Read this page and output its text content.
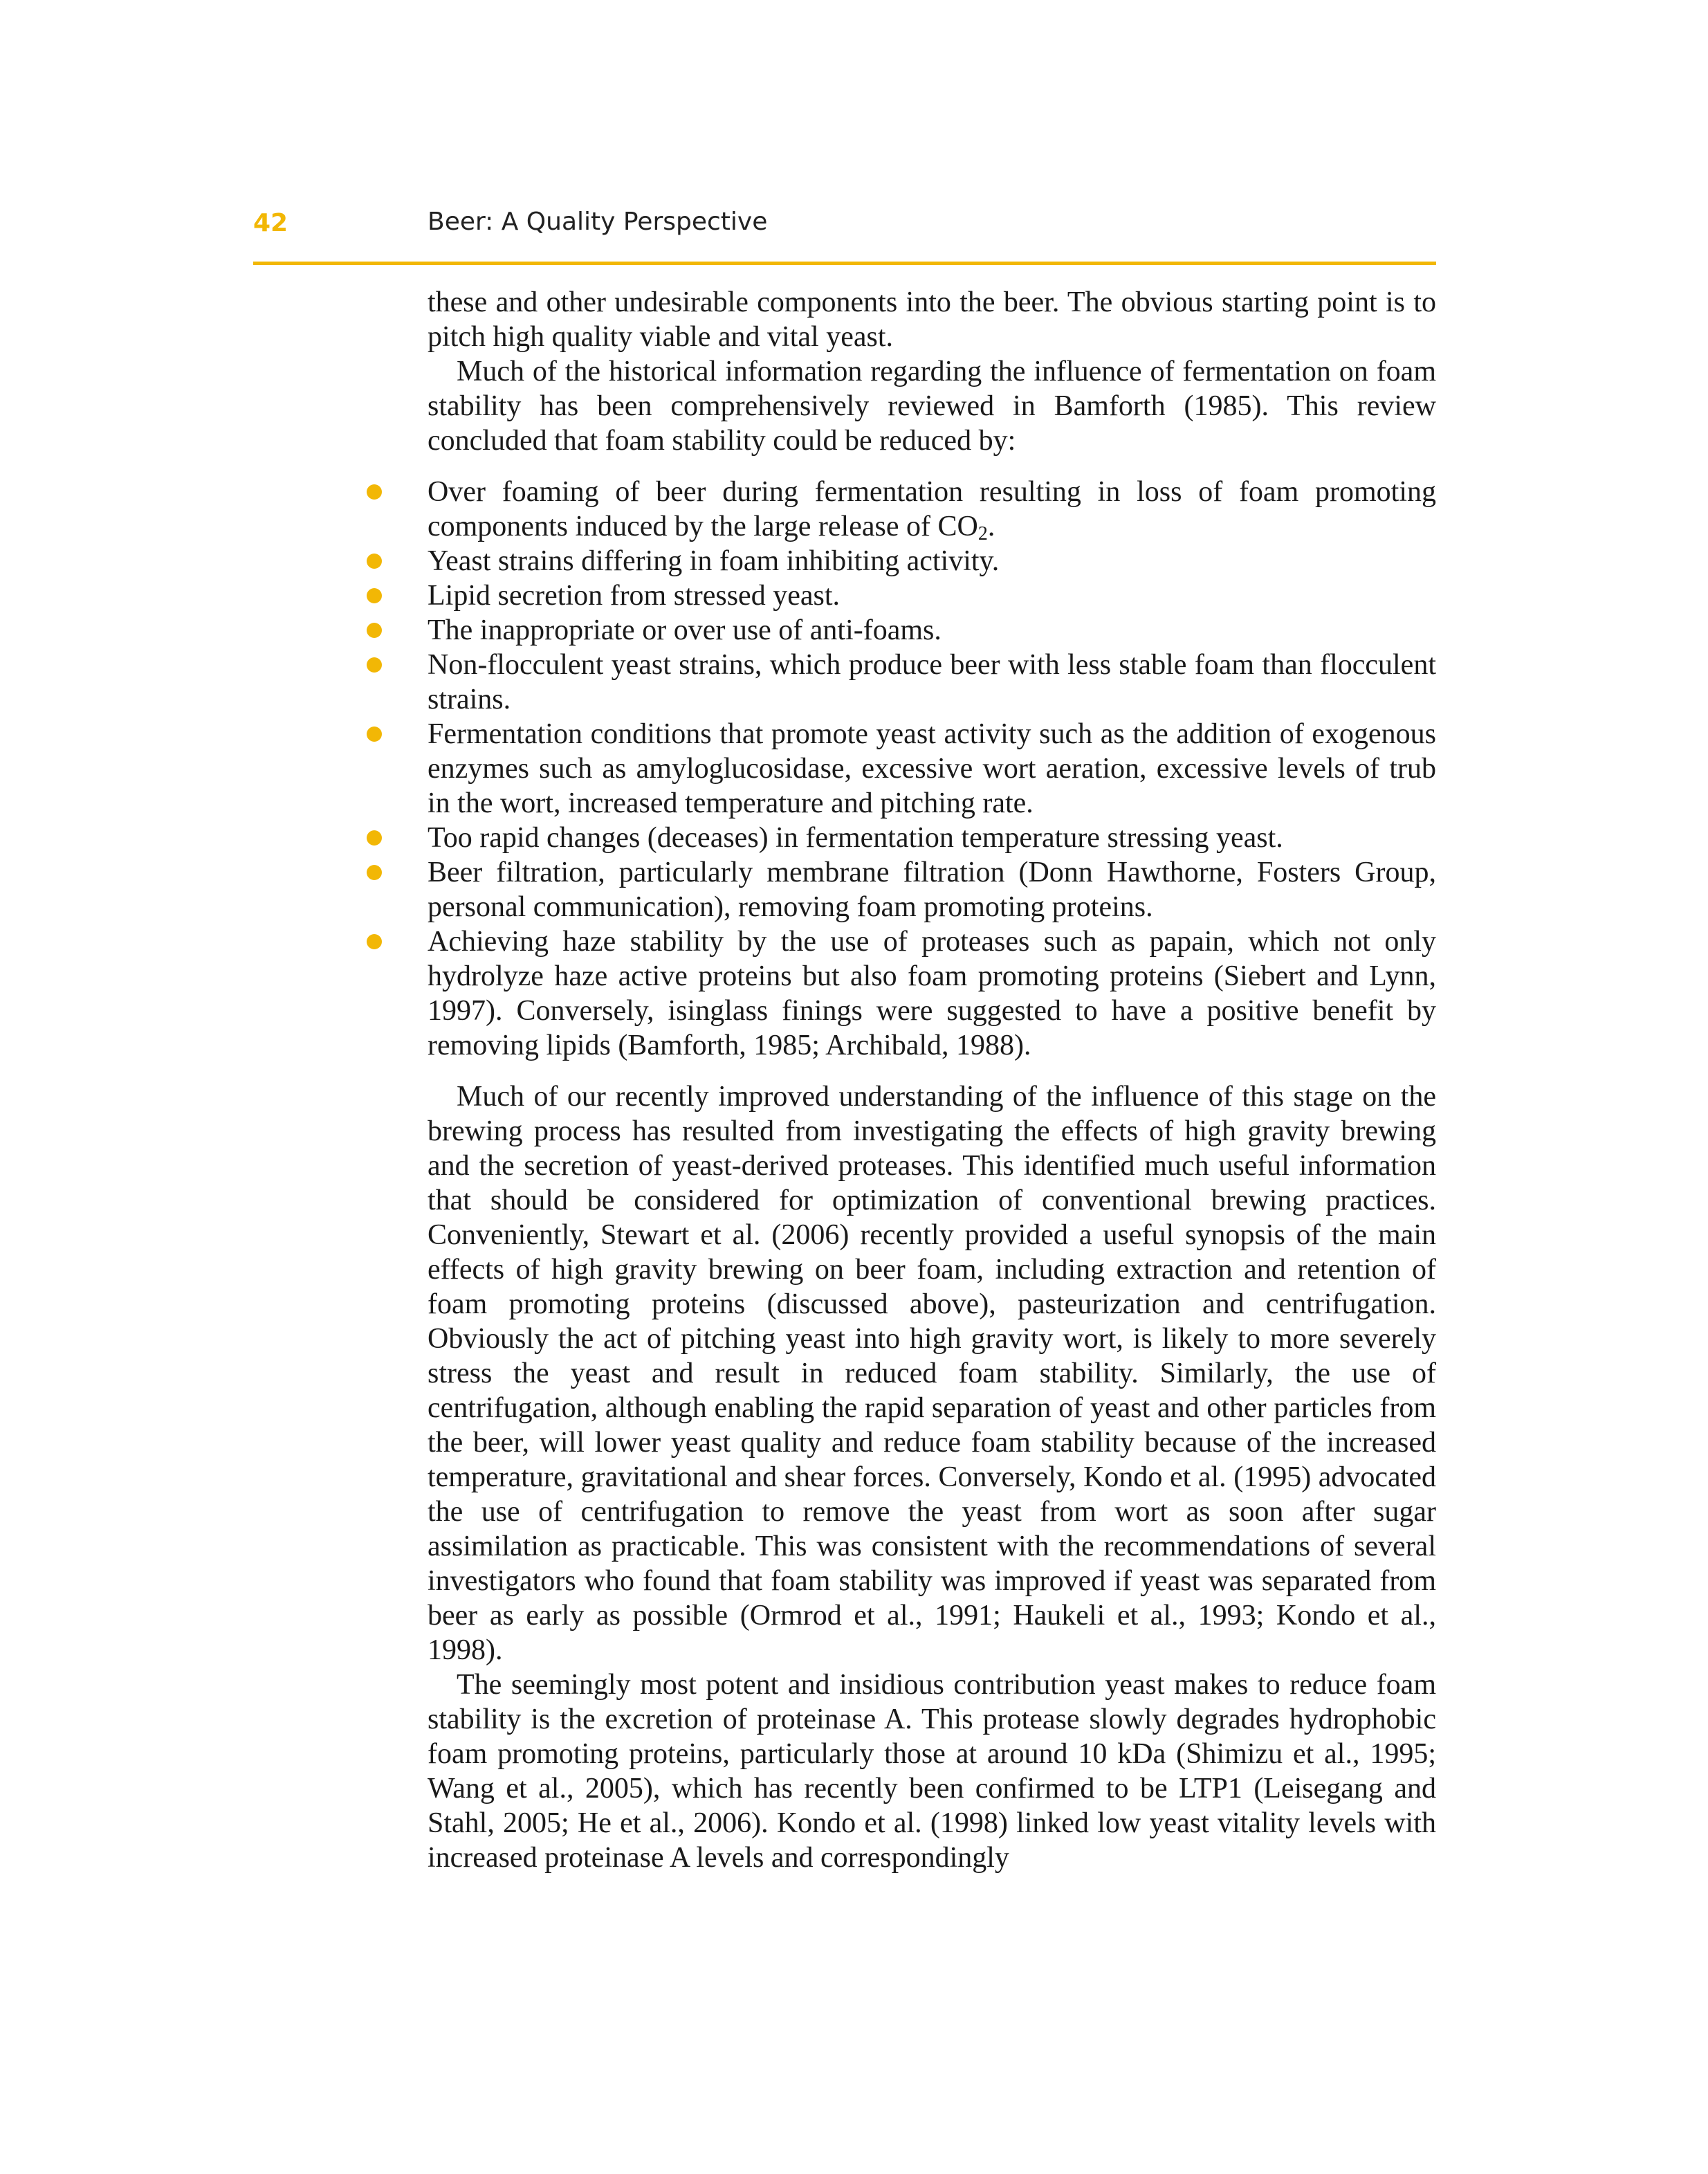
42	Beer: A Quality Perspective

these and other undesirable components into the beer. The obvious starting point is to pitch high quality viable and vital yeast.

Much of the historical information regarding the influence of fermentation on foam stability has been comprehensively reviewed in Bamforth (1985). This review concluded that foam stability could be reduced by:

Over foaming of beer during fermentation resulting in loss of foam promoting components induced by the large release of $CO_2$.
Yeast strains differing in foam inhibiting activity.
Lipid secretion from stressed yeast.
The inappropriate or over use of anti-foams.
Non-flocculent yeast strains, which produce beer with less stable foam than flocculent strains.
Fermentation conditions that promote yeast activity such as the addition of exogenous enzymes such as amyloglucosidase, excessive wort aeration, excessive levels of trub in the wort, increased temperature and pitching rate.
Too rapid changes (deceases) in fermentation temperature stressing yeast.
Beer filtration, particularly membrane filtration (Donn Hawthorne, Fosters Group, personal communication), removing foam promoting proteins.
Achieving haze stability by the use of proteases such as papain, which not only hydrolyze haze active proteins but also foam promoting proteins (Siebert and Lynn, 1997). Conversely, isinglass finings were suggested to have a positive benefit by removing lipids (Bamforth, 1985; Archibald, 1988).

Much of our recently improved understanding of the influence of this stage on the brewing process has resulted from investigating the effects of high gravity brewing and the secretion of yeast-derived proteases. This identified much useful information that should be considered for optimization of conventional brewing practices. Conveniently, Stewart et al. (2006) recently provided a useful synopsis of the main effects of high gravity brewing on beer foam, including extraction and retention of foam promoting proteins (discussed above), pasteurization and centrifugation. Obviously the act of pitching yeast into high gravity wort, is likely to more severely stress the yeast and result in reduced foam stability. Similarly, the use of centrifugation, although enabling the rapid separation of yeast and other particles from the beer, will lower yeast quality and reduce foam stability because of the increased temperature, gravitational and shear forces. Conversely, Kondo et al. (1995) advocated the use of centrifugation to remove the yeast from wort as soon after sugar assimilation as practicable. This was consistent with the recommendations of several investigators who found that foam stability was improved if yeast was separated from beer as early as possible (Ormrod et al., 1991; Haukeli et al., 1993; Kondo et al., 1998).

The seemingly most potent and insidious contribution yeast makes to reduce foam stability is the excretion of proteinase A. This protease slowly degrades hydrophobic foam promoting proteins, particularly those at around 10 kDa (Shimizu et al., 1995; Wang et al., 2005), which has recently been confirmed to be LTP1 (Leisegang and Stahl, 2005; He et al., 2006). Kondo et al. (1998) linked low yeast vitality levels with increased proteinase A levels and correspondingly
